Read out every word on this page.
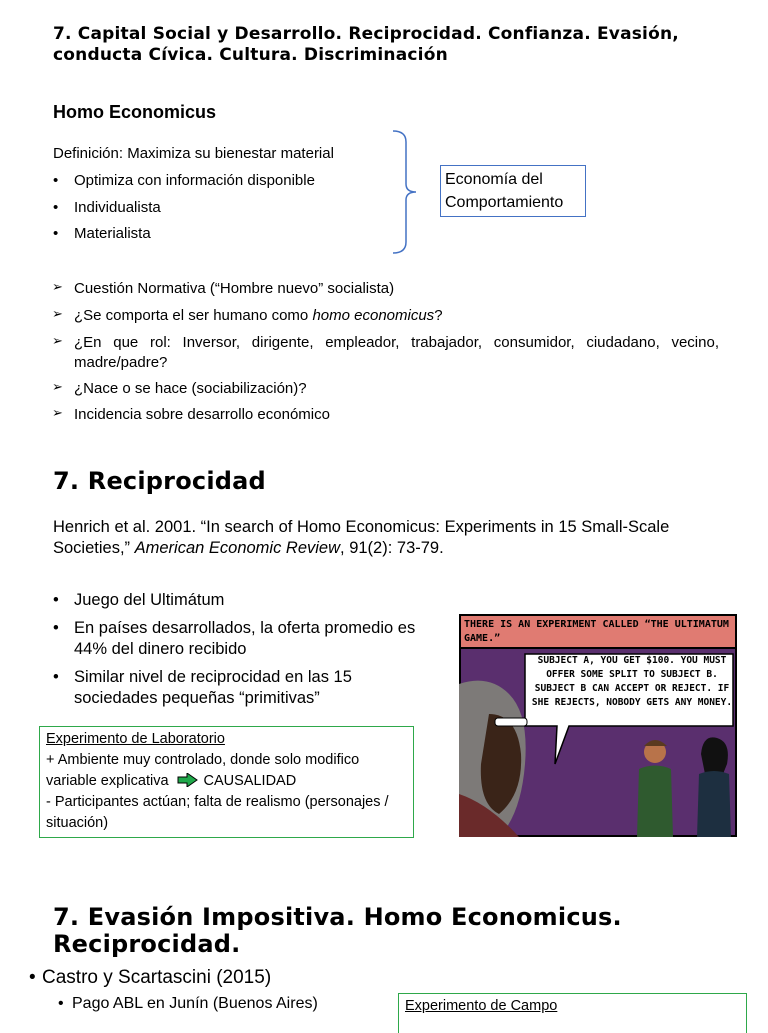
7. Capital Social y Desarrollo. Reciprocidad. Confianza. Evasión, conducta Cívica. Cultura. Discriminación
Homo Economicus
Definición: Maximiza su bienestar material
• Optimiza con información disponible
• Individualista
• Materialista
Economía del Comportamiento
➢ Cuestión Normativa (“Hombre nuevo” socialista)
➢ ¿Se comporta el ser humano como homo economicus?
➢ ¿En que rol: Inversor, dirigente, empleador, trabajador, consumidor, ciudadano, vecino, madre/padre?
➢ ¿Nace o se hace (sociabilización)?
➢ Incidencia sobre desarrollo económico
7. Reciprocidad
Henrich et al. 2001. “In search of Homo Economicus: Experiments in 15 Small-Scale Societies,” American Economic Review, 91(2): 73-79.
• Juego del Ultimátum
• En países desarrollados, la oferta promedio es 44% del dinero recibido
• Similar nivel de reciprocidad en las 15 sociedades pequeñas “primitivas”
Experimento de Laboratorio
+ Ambiente muy controlado, donde solo modifico variable explicativa CAUSALIDAD
- Participantes actúan; falta de realismo (personajes / situación)
THERE IS AN EXPERIMENT CALLED “THE ULTIMATUM GAME.”
SUBJECT A, YOU GET $100. YOU MUST OFFER SOME SPLIT TO SUBJECT B. SUBJECT B CAN ACCEPT OR REJECT. IF SHE REJECTS, NOBODY GETS ANY MONEY.
7. Evasión Impositiva. Homo Economicus. Reciprocidad.
• Castro y Scartascini (2015)
• Pago ABL en Junín (Buenos Aires)	Experimento de Campo
